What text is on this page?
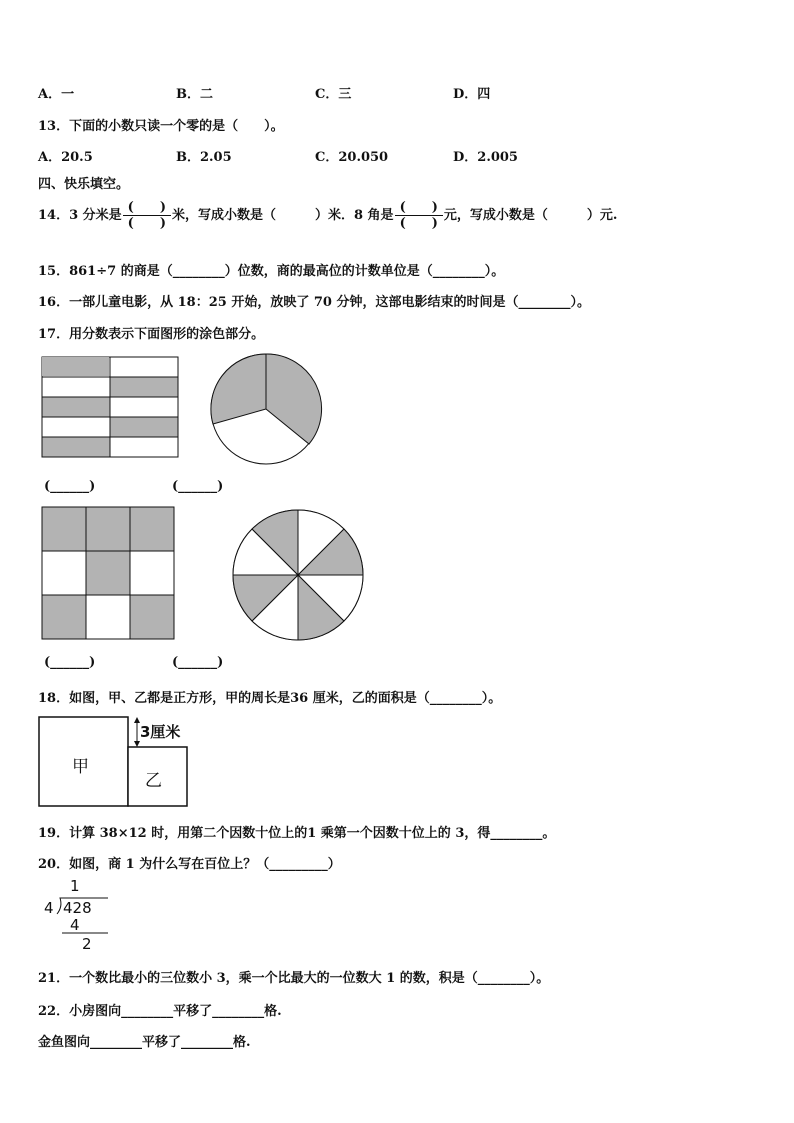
A．一	B．二	C．三	D．四
13．下面的小数只读一个零的是（　　）。
A．20.5	B．2.05	C．20.050	D．2.005
四、快乐填空。
14．3 分米是 $\frac{( )}{( )}$ 米，写成小数是（　　　）米．8 角是 $\frac{( )}{( )}$ 元，写成小数是（　　　）元.
15．861÷7 的商是（________）位数，商的最高位的计数单位是（________）。
16．一部儿童电影，从 18：25 开始，放映了 70 分钟，这部电影结束的时间是（________）。
17．用分数表示下面图形的涂色部分。
(______)	(______)
(______)	(______)
18．如图，甲、乙都是正方形，甲的周长是36 厘米，乙的面积是（________）。
甲
乙
3厘米
19．计算 38×12 时，用第二个因数十位上的1 乘第一个因数十位上的 3，得________。
20．如图，商 1 为什么写在百位上？（_________）
1
4 428
4
2
21．一个数比最小的三位数小 3，乘一个比最大的一位数大 1 的数，积是（________）。
22．小房图向________平移了________格.
金鱼图向________平移了________格.
